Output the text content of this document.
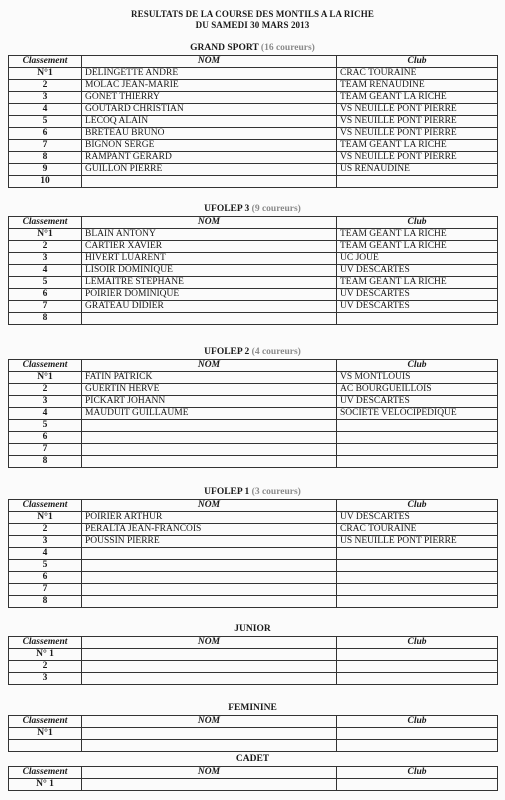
RESULTATS DE LA COURSE DES MONTILS A LA RICHE
DU SAMEDI 30 MARS 2013
GRAND SPORT (16 coureurs)
Classement	NOM	Club
N°1	DELINGETTE ANDRE	CRAC TOURAINE
2	MOLAC JEAN-MARIE	TEAM RENAUDINE
3	GONET THIERRY	TEAM GEANT LA RICHE
4	GOUTARD CHRISTIAN	VS NEUILLE PONT PIERRE
5	LECOQ ALAIN	VS NEUILLE PONT PIERRE
6	BRETEAU BRUNO	VS NEUILLE PONT PIERRE
7	BIGNON SERGE	TEAM GEANT LA RICHE
8	RAMPANT GERARD	VS NEUILLE PONT PIERRE
9	GUILLON PIERRE	US RENAUDINE
10		
UFOLEP 3 (9 coureurs)
Classement	NOM	Club
N°1	BLAIN ANTONY	TEAM GEANT LA RICHE
2	CARTIER XAVIER	TEAM GEANT LA RICHE
3	HIVERT LUARENT	UC JOUE
4	LISOIR DOMINIQUE	UV DESCARTES
5	LEMAITRE STEPHANE	TEAM GEANT LA RICHE
6	POIRIER DOMINIQUE	UV DESCARTES
7	GRATEAU DIDIER	UV DESCARTES
8		
UFOLEP 2 (4 coureurs)
Classement	NOM	Club
N°1	FATIN PATRICK	VS MONTLOUIS
2	GUERTIN HERVE	AC BOURGUEILLOIS
3	PICKART JOHANN	UV DESCARTES
4	MAUDUIT GUILLAUME	SOCIETE VELOCIPEDIQUE
5		
6		
7		
8		
UFOLEP 1 (3 coureurs)
Classement	NOM	Club
N°1	POIRIER ARTHUR	UV DESCARTES
2	PERALTA JEAN-FRANCOIS	CRAC TOURAINE
3	POUSSIN PIERRE	US NEUILLE PONT PIERRE
4		
5		
6		
7		
8		
JUNIOR
Classement	NOM	Club
N° 1		
2		
3		
FEMININE
Classement	NOM	Club
N°1		

CADET
Classement	NOM	Club
N° 1		
